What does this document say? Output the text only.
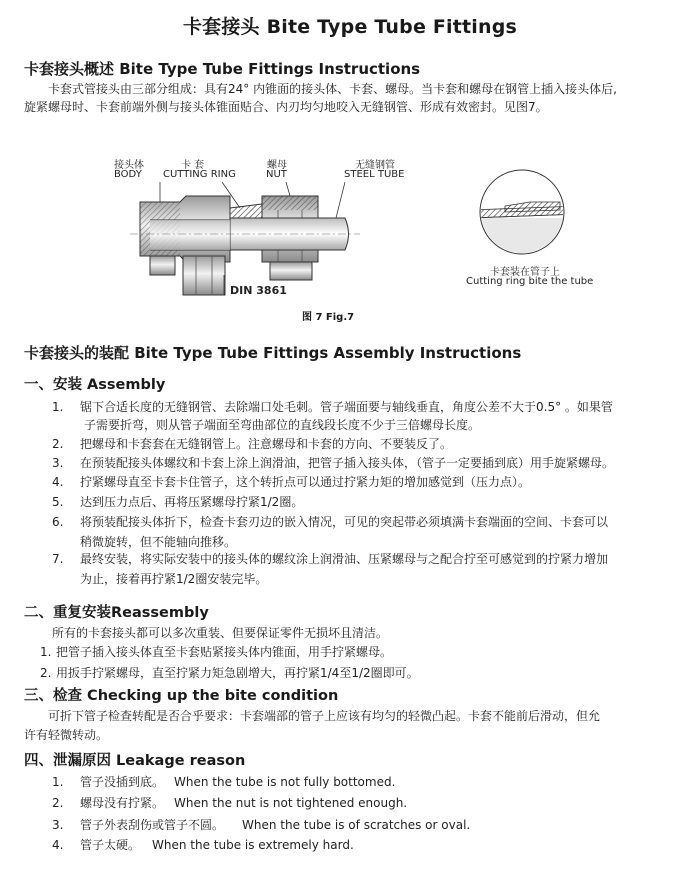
卡套接头 Bite Type Tube Fittings
卡套接头概述 Bite Type Tube Fittings Instructions
卡套式管接头由三部分组成：具有24° 内锥面的接头体、卡套、螺母。当卡套和螺母在钢管上插入接头体后,
旋紧螺母时、卡套前端外侧与接头体锥面贴合、内刃均匀地咬入无缝钢管、形成有效密封。见图7。
接头体
BODY
卡 套
CUTTING RING
螺母
NUT
无缝钢管
STEEL TUBE
DIN 3861
卡套装在管子上
Cutting ring bite the tube
图 7 Fig.7
卡套接头的装配 Bite Type Tube Fittings Assembly Instructions
一、安装 Assembly
1. 锯下合适长度的无缝钢管、去除端口处毛刺。管子端面要与轴线垂直，角度公差不大于0.5° 。如果管
子需要折弯，则从管子端面至弯曲部位的直线段长度不少于三倍螺母长度。
2. 把螺母和卡套套在无缝钢管上。注意螺母和卡套的方向、不要装反了。
3. 在预装配接头体螺纹和卡套上涂上润滑油，把管子插入接头体，（管子一定要插到底）用手旋紧螺母。
4. 拧紧螺母直至卡套卡住管子，这个转折点可以通过拧紧力矩的增加感觉到（压力点）。
5. 达到压力点后、再将压紧螺母拧紧1/2圈。
6. 将预装配接头体折下，检查卡套刃边的嵌入情况，可见的突起带必须填满卡套端面的空间、卡套可以
稍微旋转，但不能轴向推移。
7. 最终安装，将实际安装中的接头体的螺纹涂上润滑油、压紧螺母与之配合拧至可感觉到的拧紧力增加
为止，接着再拧紧1/2圈安装完毕。
二、重复安装Reassembly
所有的卡套接头都可以多次重装、但要保证零件无损坏且清洁。
1. 把管子插入接头体直至卡套贴紧接头体内锥面，用手拧紧螺母。
2. 用扳手拧紧螺母，直至拧紧力矩急剧增大，再拧紧1/4至1/2圈即可。
三、检查 Checking up the bite condition
可折下管子检查转配是否合乎要求：卡套端部的管子上应该有均匀的轻微凸起。卡套不能前后滑动，但允
许有轻微转动。
四、泄漏原因 Leakage reason
1. 管子没插到底。 When the tube is not fully bottomed.
2. 螺母没有拧紧。 When the nut is not tightened enough.
3. 管子外表刮伤或管子不圆。 When the tube is of scratches or oval.
4. 管子太硬。 When the tube is extremely hard.
